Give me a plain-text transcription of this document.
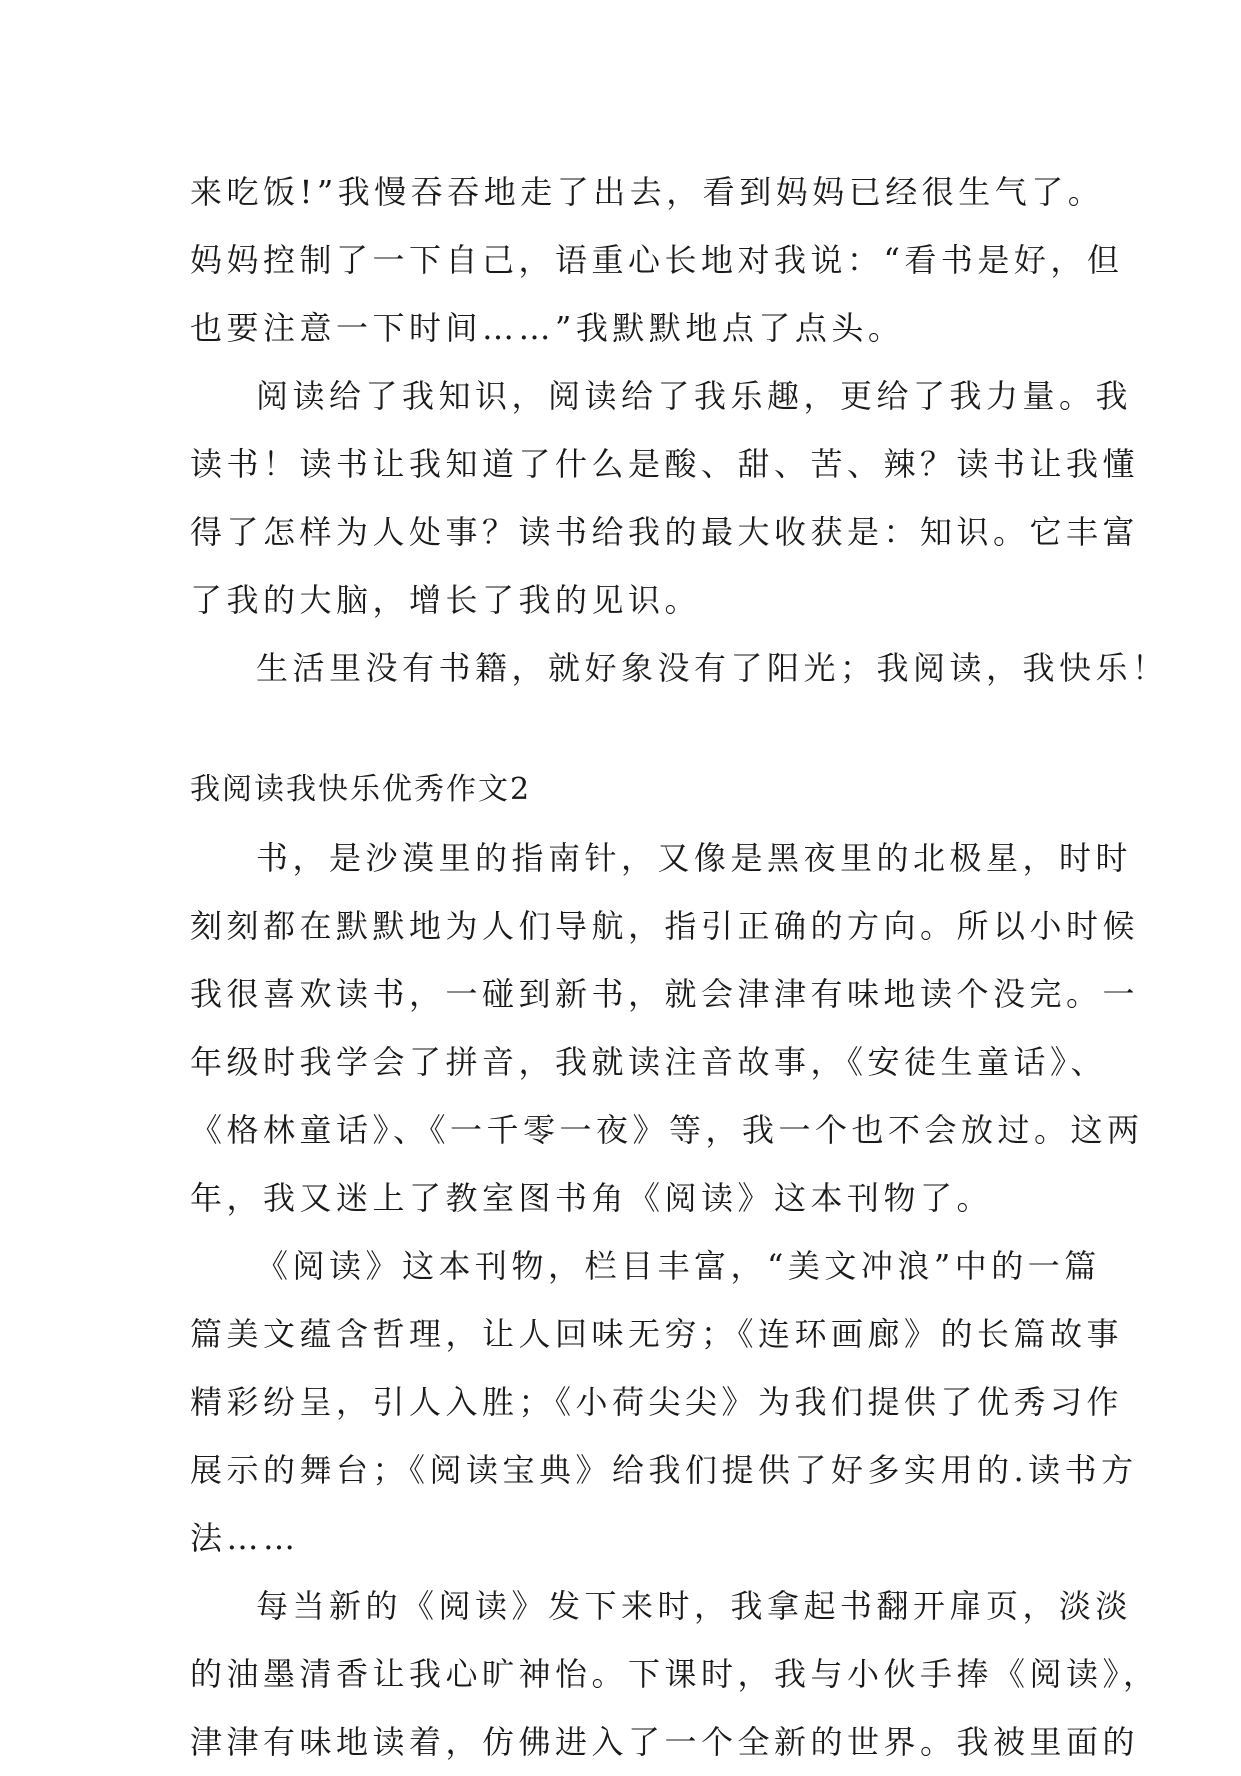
来吃饭!”我慢吞吞地走了出去，看到妈妈已经很生气了。
妈妈控制了一下自己，语重心长地对我说：“看书是好，但
也要注意一下时间……”我默默地点了点头。
阅读给了我知识，阅读给了我乐趣，更给了我力量。我
读书！读书让我知道了什么是酸、甜、苦、辣？读书让我懂
得了怎样为人处事？读书给我的最大收获是：知识。它丰富
了我的大脑，增长了我的见识。
生活里没有书籍，就好象没有了阳光；我阅读，我快乐！
我阅读我快乐优秀作文2
书，是沙漠里的指南针，又像是黑夜里的北极星，时时
刻刻都在默默地为人们导航，指引正确的方向。所以小时候
我很喜欢读书，一碰到新书，就会津津有味地读个没完。一
年级时我学会了拼音，我就读注音故事，《安徒生童话》、
《格林童话》、《一千零一夜》等，我一个也不会放过。这两
年，我又迷上了教室图书角《阅读》这本刊物了。
《阅读》这本刊物，栏目丰富，“美文冲浪”中的一篇
篇美文蕴含哲理，让人回味无穷；《连环画廊》的长篇故事
精彩纷呈，引人入胜；《小荷尖尖》为我们提供了优秀习作
展示的舞台；《阅读宝典》给我们提供了好多实用的.读书方
法……
每当新的《阅读》发下来时，我拿起书翻开扉页，淡淡
的油墨清香让我心旷神怡。下课时，我与小伙手捧《阅读》，
津津有味地读着，仿佛进入了一个全新的世界。我被里面的
